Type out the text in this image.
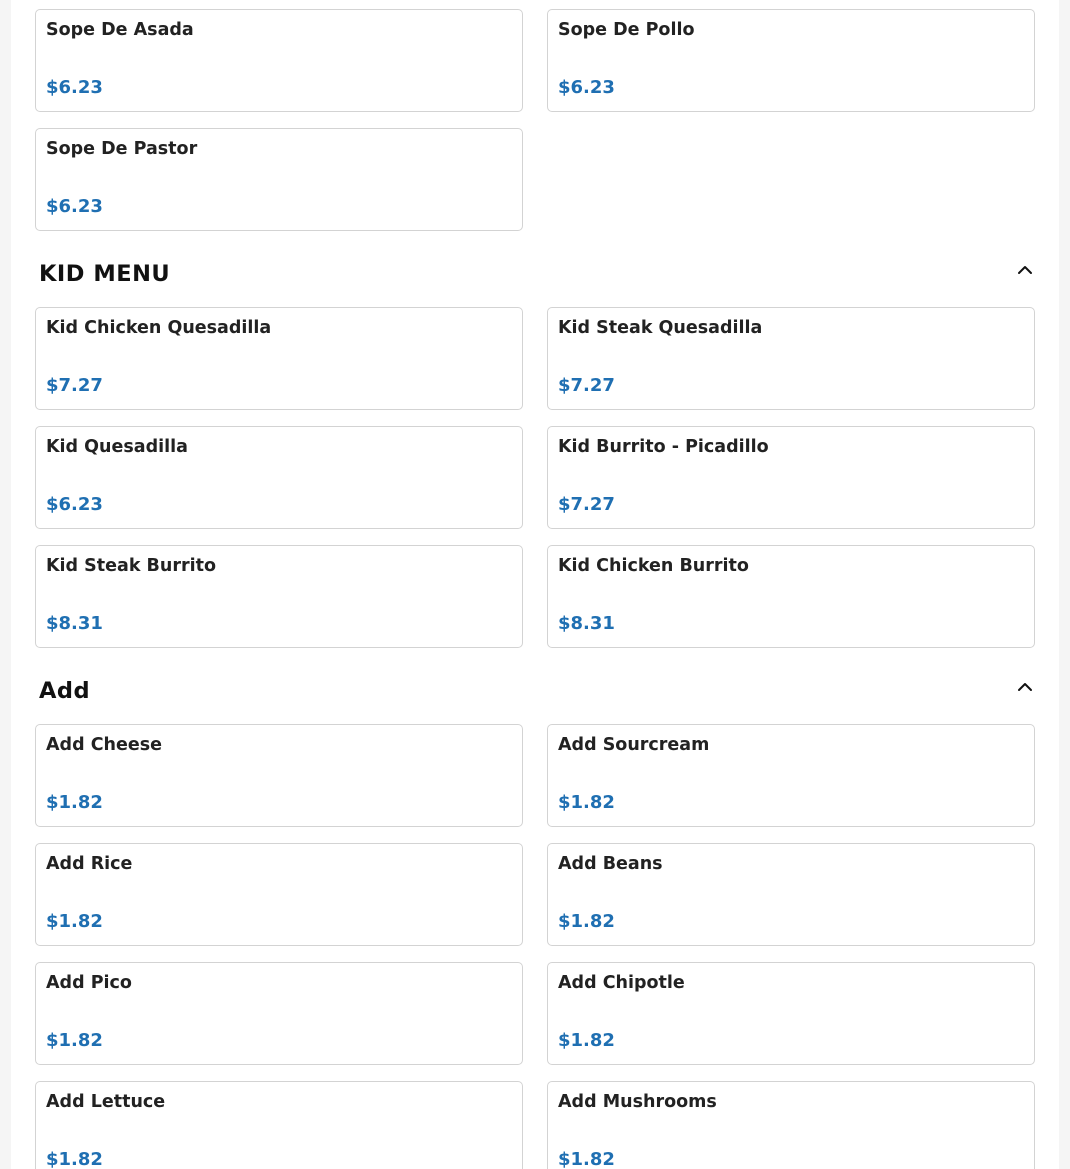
Sope De Asada
$6.23
Sope De Pollo
$6.23
Sope De Pastor
$6.23
KID MENU
Kid Chicken Quesadilla
$7.27
Kid Steak Quesadilla
$7.27
Kid Quesadilla
$6.23
Kid Burrito - Picadillo
$7.27
Kid Steak Burrito
$8.31
Kid Chicken Burrito
$8.31
Add
Add Cheese
$1.82
Add Sourcream
$1.82
Add Rice
$1.82
Add Beans
$1.82
Add Pico
$1.82
Add Chipotle
$1.82
Add Lettuce
$1.82
Add Mushrooms
$1.82
